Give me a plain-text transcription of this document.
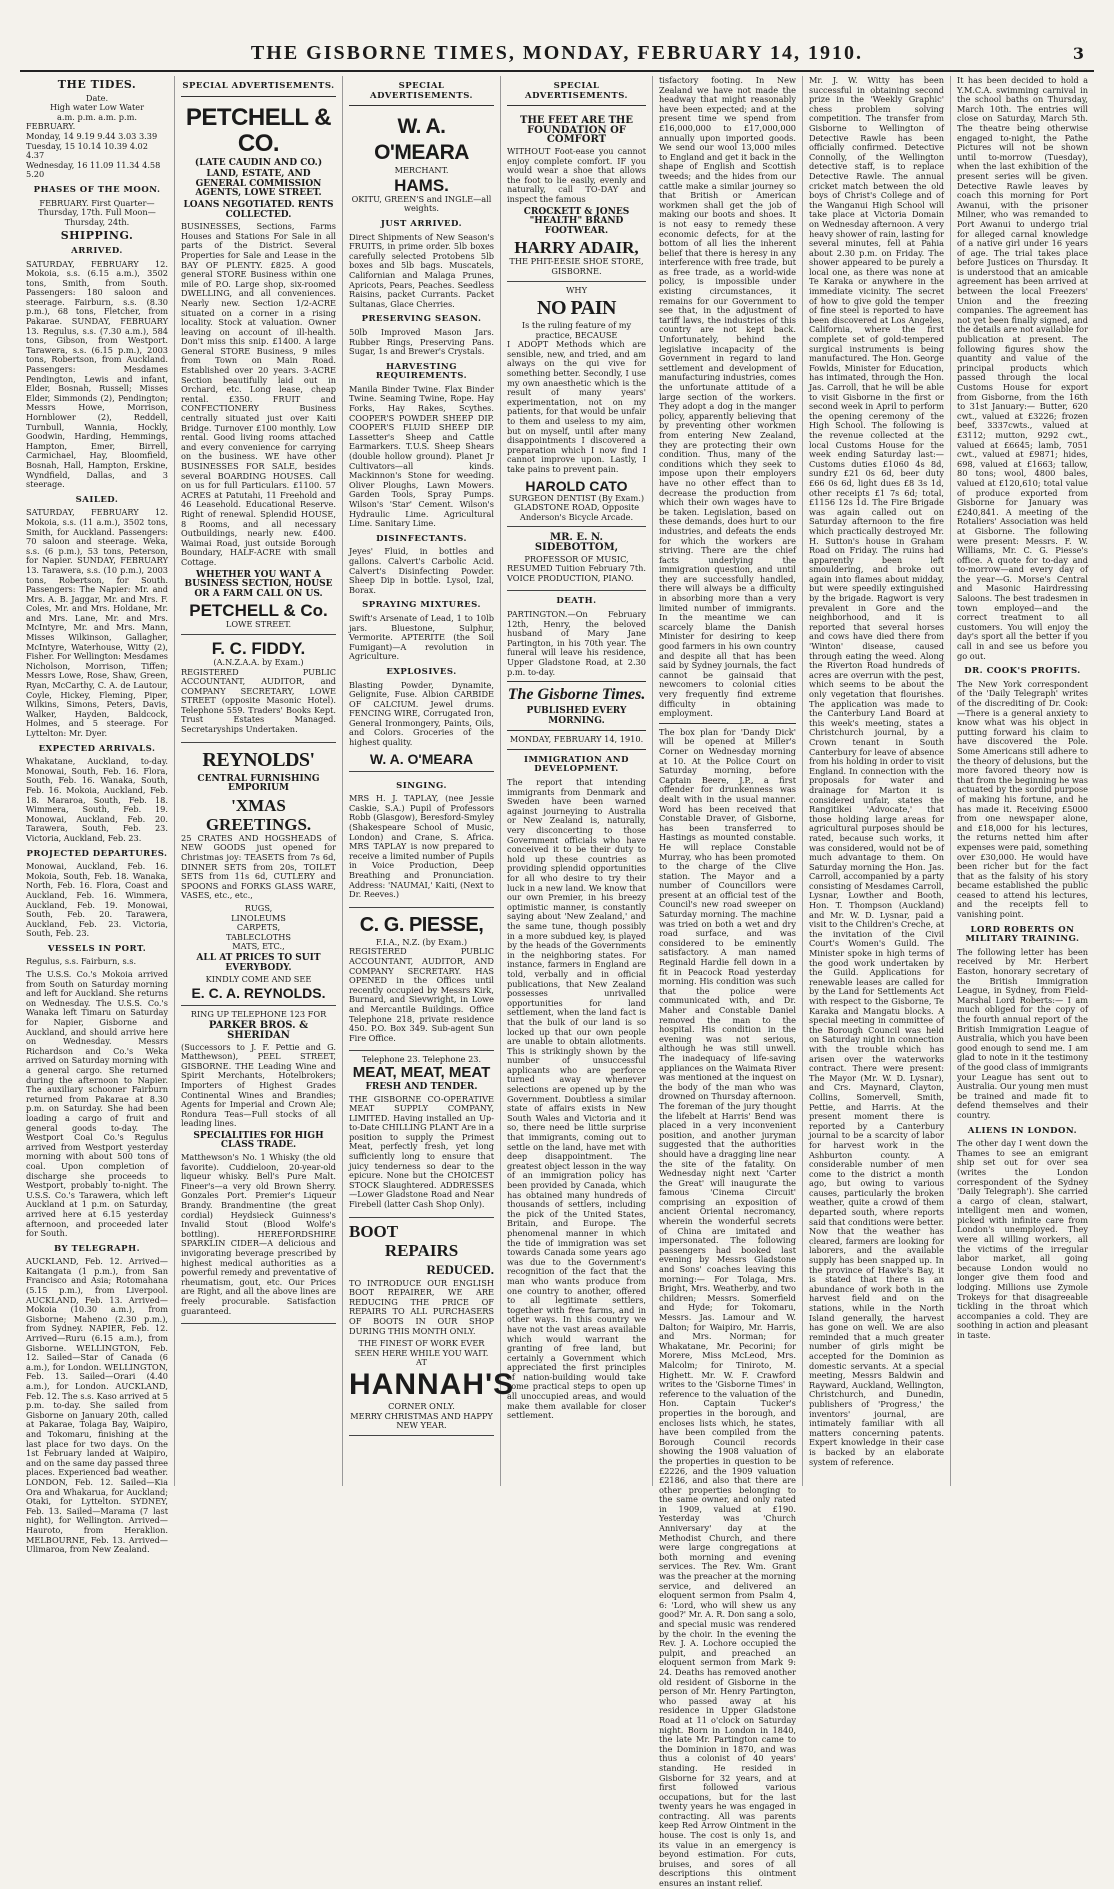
THE GISBORNE TIMES, MONDAY, FEBRUARY 14, 1910.	3
THE TIDES.
Date.
High water Low Water
a.m. p.m. a.m. p.m.
FEBRUARY.
Monday, 14 9.19 9.44 3.03 3.39
Tuesday, 15 10.14 10.39 4.02 4.37
Wednesday, 16 11.09 11.34 4.58 5.20
PHASES OF THE MOON.

FEBRUARY. First Quarter—Thursday, 17th. Full Moon—Thursday, 24th.

SHIPPING.
ARRIVED.

SATURDAY, FEBRUARY 12. Mokoia, s.s. (6.15 a.m.), 3502 tons, Smith, from South. Passengers: 180 saloon and steerage. Fairburn, s.s. (8.30 p.m.), 68 tons, Fletcher, from Pakarae. SUNDAY, FEBRUARY 13. Regulus, s.s. (7.30 a.m.), 584 tons, Gibson, from Westport. Tarawera, s.s. (6.15 p.m.), 2003 tons, Robertson, from Auckland. Passengers: Mesdames Pendington, Lewis and infant, Elder, Bosnah, Russell; Misses Elder, Simmonds (2), Pendington; Messrs Howe, Morrison, Hornblower (2), Reddell, Turnbull, Wannia, Hockly, Goodwin, Harding, Hemmings, Hampton, Emer, Birrell, Carmichael, Hay, Bloomfield, Bosnah, Hall, Hampton, Erskine, Wyndfield, Dallas, and 3 steerage.

SAILED.

SATURDAY, FEBRUARY 12. Mokoia, s.s. (11 a.m.), 3502 tons, Smith, for Auckland. Passengers: 70 saloon and steerage. Weka, s.s. (6 p.m.), 53 tons, Peterson, for Napier. SUNDAY, FEBRUARY 13. Tarawera, s.s. (10 p.m.), 2003 tons, Robertson, for South. Passengers: The Napier: Mr. and Mrs. A. B. Jaggar, Mr. and Mrs. F. Coles, Mr. and Mrs. Holdane, Mr. and Mrs. Lane, Mr. and Mrs. McIntyre, Mr. and Mrs. Mann, Misses Wilkinson, Gallagher, McIntyre, Waterhouse, Witty (2), Fisher. For Wellington: Mesdames Nicholson, Morrison, Tiffen; Messrs Lowe, Rose, Shaw, Green, Ryan, McCarthy, C. A. de Lautour, Coyle, Hickey, Fleming, Piper, Wilkins, Simons, Peters, Davis, Walker, Hayden, Baldcock, Holmes, and 5 steerage. For Lyttelton: Mr. Dyer.

EXPECTED ARRIVALS.

Whakatane, Auckland, to-day. Monowai, South, Feb. 16. Flora, South, Feb. 16. Wanaka, South, Feb. 16. Mokoia, Auckland, Feb. 18. Mararoa, South, Feb. 18. Wimmera, South, Feb. 19. Monowai, Auckland, Feb. 20. Tarawera, South, Feb. 23. Victoria, Auckland, Feb. 23.

PROJECTED DEPARTURES.

Monowai, Auckland, Feb. 16. Mokoia, South, Feb. 18. Wanaka, North, Feb. 16. Flora, Coast and Auckland, Feb. 16. Wimmera, Auckland, Feb. 19. Monowai, South, Feb. 20. Tarawera, Auckland, Feb. 23. Victoria, South, Feb. 23.

VESSELS IN PORT.

Regulus, s.s. Fairburn, s.s.

The U.S.S. Co.'s Mokoia arrived from South on Saturday morning and left for Auckland. She returns on Wednesday. The U.S.S. Co.'s Wanaka left Timaru on Saturday for Napier, Gisborne and Auckland, and should arrive here on Wednesday. Messrs Richardson and Co.'s Weka arrived on Saturday morning with a general cargo. She returned during the afternoon to Napier. The auxiliary schooner Fairburn returned from Pakarae at 8.30 p.m. on Saturday. She had been loading a cargo of fruit and general goods to-day. The Westport Coal Co.'s Regulus arrived from Westport yesterday morning with about 500 tons of coal. Upon completion of discharge she proceeds to Westport, probably to-night. The U.S.S. Co.'s Tarawera, which left Auckland at 1 p.m. on Saturday, arrived here at 6.15 yesterday afternoon, and proceeded later for South.

BY TELEGRAPH.

AUCKLAND, Feb. 12. Arrived—Kaitangata (1 p.m.), from San Francisco and Asia; Rotomahana (5.15 p.m.), from Liverpool. AUCKLAND, Feb. 13. Arrived—Mokoia (10.30 a.m.), from Gisborne; Maheno (2.30 p.m.), from Sydney. NAPIER, Feb. 12. Arrived—Ruru (6.15 a.m.), from Gisborne. WELLINGTON, Feb. 12. Sailed—Star of Canada (6 a.m.), for London. WELLINGTON, Feb. 13. Sailed—Orari (4.40 a.m.), for London. AUCKLAND, Feb. 12. The s.s. Kaso arrived at 5 p.m. to-day. She sailed from Gisborne on January 20th, called at Pakarae, Tolaga Bay, Waipiro, and Tokomaru, finishing at the last place for two days. On the 1st February landed at Waipiro, and on the same day passed three places. Experienced bad weather. LONDON, Feb. 12. Sailed—Kia Ora and Whakarua, for Auckland; Otaki, for Lyttelton. SYDNEY, Feb. 13. Sailed—Marama (7 last night), for Wellington. Arrived—Hauroto, from Heraklion. MELBOURNE, Feb. 13. Arrived—Ulimaroa, from New Zealand.

SPECIAL ADVERTISEMENTS.
PETCHELL & CO.
(LATE CAUDIN AND CO.)
LAND, ESTATE, AND GENERAL COMMISSION AGENTS, LOWE STREET.
LOANS NEGOTIATED. RENTS COLLECTED.

BUSINESSES, Sections, Farms Houses and Stations For Sale in all parts of the District. Several Properties for Sale and Lease in the BAY OF PLENTY. £825. A good general STORE Business within one mile of P.O. Large shop, six-roomed DWELLING, and all conveniences. Nearly new. Section 1/2-ACRE situated on a corner in a rising locality. Stock at valuation. Owner leaving on account of ill-health. Don't miss this snip. £1400. A large General STORE Business, 9 miles from Town on Main Road. Established over 20 years. 3-ACRE Section beautifully laid out in Orchard, etc. Long lease, cheap rental. £350. FRUIT and CONFECTIONERY Business centrally situated just over Kaiti Bridge. Turnover £100 monthly. Low rental. Good living rooms attached and every convenience for carrying on the business. WE have other BUSINESSES FOR SALE, besides several BOARDING HOUSES. Call on us for full Particulars. £1100. 57 ACRES at Patutahi, 11 Freehold and 46 Leasehold. Educational Reserve. Right of renewal. Splendid HOUSE, 8 Rooms, and all necessary Outbuildings, nearly new. £400. Waimai Road, just outside Borough Boundary, HALF-ACRE with small Cottage.

WHETHER YOU WANT A BUSINESS SECTION, HOUSE OR A FARM CALL ON US.
PETCHELL & Co.
LOWE STREET.
F. C. FIDDY.
(A.N.Z.A.A. by Exam.)

REGISTERED PUBLIC ACCOUNTANT, AUDITOR, and COMPANY SECRETARY, LOWE STREET (opposite Masonic Hotel). Telephone 559. Traders' Books Kept. Trust Estates Managed. Secretaryships Undertaken.

REYNOLDS'
CENTRAL FURNISHING EMPORIUM
'XMAS GREETINGS.

25 CRATES AND HOGSHEADS of NEW GOODS just opened for Christmas joy: TEASETS from 7s 6d, DINNER SETS from 20s, TOILET SETS from 11s 6d, CUTLERY and SPOONS and FORKS GLASS WARE, VASES, etc., etc.,

RUGS,
LINOLEUMS
CARPETS,
TABLECLOTHS
MATS, ETC.,
ALL AT PRICES TO SUIT EVERYBODY.
KINDLY COME AND SEE
E. C. A. REYNOLDS.
RING UP TELEPHONE 123 FOR
PARKER BROS. & SHERIDAN

(Successors to J. F. Pettie and G. Matthewson), PEEL STREET, GISBORNE. THE Leading Wine and Spirit Merchants, Hotelbrokers; Importers of Highest Grades Continental Wines and Brandies; Agents for Imperial and Crown Ale; Rondura Teas—Full stocks of all leading lines.

SPECIALITIES FOR HIGH CLASS TRADE.

Matthewson's No. 1 Whisky (the old favorite). Cuddieloon, 20-year-old liqueur whisky. Bell's Pure Malt. Fineer's—a very old Brown Sherry. Gonzales Port. Premier's Liqueur Brandy. Brandmentine (the great cordial) Heydsieck Guinness's Invalid Stout (Blood Wolfe's bottling). HEREFORDSHIRE SPARKLIN CIDER—A delicious and invigorating beverage prescribed by highest medical authorities as a powerful remedy and preventative of rheumatism, gout, etc. Our Prices are Right, and all the above lines are freely procurable. Satisfaction guaranteed.

SPECIAL ADVERTISEMENTS.
W. A. O'MEARA
MERCHANT.
HAMS.
OKITU, GREEN'S and INGLE—all weights.
JUST ARRIVED.

Direct Shipments of New Season's FRUITS, in prime order. 5lb boxes carefully selected Protobens 5lb boxes and 5lb bags. Muscatels, Californian and Malaga Prunes, Apricots, Pears, Peaches. Seedless Raisins, packet Currants. Packet Sultanas, Glace Cherries.

PRESERVING SEASON.

50lb Improved Mason Jars. Rubber Rings, Preserving Pans. Sugar, 1s and Brewer's Crystals.

HARVESTING REQUIREMENTS.

Manila Binder Twine. Flax Binder Twine. Seaming Twine, Rope. Hay Forks, Hay Rakes, Scythes. COOPER'S POWDER SHEEP DIP. COOPER'S FLUID SHEEP DIP. Lassetter's Sheep and Cattle Earmarkers. T.U.S. Sheep Shears (double hollow ground). Planet Jr Cultivators—all kinds. Mackinnon's Stone for weeding. Oliver Ploughs, Lawn Mowers. Garden Tools, Spray Pumps. Wilson's 'Star' Cement. Wilson's Hydraulic Lime. Agricultural Lime. Sanitary Lime.

DISINFECTANTS.

Jeyes' Fluid, in bottles and gallons. Calvert's Carbolic Acid. Calvert's Disinfecting Powder. Sheep Dip in bottle. Lysol, Izal, Borax.

SPRAYING MIXTURES.

Swift's Arsenate of Lead, 1 to 10lb jars. Bluestone, Sulphur, Vermorite. APTERITE (the Soil Fumigant)—A revolution in Agriculture.

EXPLOSIVES.

Blasting Powder, Dynamite, Gelignite, Fuse. Albion CARBIDE OF CALCIUM. Jewel drums. FENCING WIRE, Corrugated Iron, General Ironmongery, Paints, Oils, and Colors. Groceries of the highest quality.

W. A. O'MEARA
SINGING.

MRS H. J. TAPLAY, (nee Jessie Caskie, S.A.) Pupil of Professors Robb (Glasgow), Beresford-Smyley (Shakespeare School of Music, London) and Crane, S. Africa. MRS TAPLAY is now prepared to receive a limited number of Pupils in Voice Production, Deep Breathing and Pronunciation. Address: 'NAUMAI,' Kaiti, (Next to Dr. Reeves.)

C. G. PIESSE,
F.I.A., N.Z. (by Exam.)

REGISTERED PUBLIC ACCOUNTANT, AUDITOR, AND COMPANY SECRETARY. HAS OPENED in the Offices until recently occupied by Messrs Kirk, Burnard, and Sievwright, in Lowe and Mercantile Buildings. Office Telephone 218, private residence 450. P.O. Box 349. Sub-agent Sun Fire Office.

Telephone 23. Telephone 23.
MEAT, MEAT, MEAT
FRESH AND TENDER.

THE GISBORNE CO-OPERATIVE MEAT SUPPLY COMPANY, LIMITED. Having installed an Up-to-Date CHILLING PLANT Are in a position to supply the Primest Meat, perfectly fresh, yet long sufficiently long to ensure that juicy tenderness so dear to the epicure. None but the CHOICEST STOCK Slaughtered. ADDRESSES—Lower Gladstone Road and Near Firebell (latter Cash Shop Only).

BOOT
REPAIRS
REDUCED.

TO INTRODUCE OUR ENGLISH BOOT REPAIRER, WE ARE REDUCING THE PRICE OF REPAIRS TO ALL PURCHASERS OF BOOTS IN OUR SHOP DURING THIS MONTH ONLY.

THE FINEST OF WORK EVER SEEN HERE WHILE YOU WAIT. AT
HANNAH'S
CORNER ONLY.
MERRY CHRISTMAS AND HAPPY NEW YEAR.
SPECIAL ADVERTISEMENTS.
THE FEET ARE THE FOUNDATION OF COMFORT

WITHOUT Foot-ease you cannot enjoy complete comfort. IF you would wear a shoe that allows the foot to lie easily, evenly and naturally, call TO-DAY and inspect the famous

CROCKETT & JONES "HEALTH" BRAND FOOTWEAR.
HARRY ADAIR,
THE PHIT-EESIE SHOE STORE, GISBORNE.
WHY
NO PAIN
Is the ruling feature of my practice, BECAUSE

I ADOPT Methods which are sensible, new, and tried, and am always on the qui vive for something better. Secondly, I use my own anaesthetic which is the result of many years' experimentation, not on my patients, for that would be unfair to them and useless to my aim, but on myself, until after many disappointments I discovered a preparation which I now find I cannot improve upon. Lastly, I take pains to prevent pain.

HAROLD CATO
SURGEON DENTIST (By Exam.) GLADSTONE ROAD, Opposite Anderson's Bicycle Arcade.
MR. E. N. SIDEBOTTOM,
PROFESSOR OF MUSIC,

RESUMED Tuition February 7th. VOICE PRODUCTION, PIANO.

DEATH.

PARTINGTON.—On February 12th, Henry, the beloved husband of Mary Jane Partington, in his 70th year. The funeral will leave his residence, Upper Gladstone Road, at 2.30 p.m. to-day.

The Gisborne Times.
PUBLISHED EVERY MORNING.
MONDAY, FEBRUARY 14, 1910.
IMMIGRATION AND DEVELOPMENT.

The report that intending immigrants from Denmark and Sweden have been warned against journeying to Australia or New Zealand is, naturally, very disconcerting to those Government officials who have conceived it to be their duty to hold up these countries as providing splendid opportunities for all who desire to try their luck in a new land. We know that our own Premier, in his breezy optimistic manner, is constantly saying about 'New Zealand,' and the same tune, though possibly in a more subdued key, is played by the heads of the Governments in the neighboring states. For instance, farmers in England are told, verbally and in official publications, that New Zealand possesses unrivalled opportunities for land settlement, when the land fact is that the bulk of our land is so locked up that our own people are unable to obtain allotments. This is strikingly shown by the number of unsuccessful applicants who are perforce turned away whenever selections are opened up by the Government. Doubtless a similar state of affairs exists in New South Wales and Victoria and it so, there need be little surprise that immigrants, coming out to settle on the land, have met with deep disappointment. The greatest object lesson in the way of an immigration policy has been provided by Canada, which has obtained many hundreds of thousands of settlers, including the pick of the United States, Britain, and Europe. The phenomenal manner in which the tide of immigration was set towards Canada some years ago was due to the Government's recognition of the fact that the man who wants produce from one country to another, offered to all legitimate settlers, together with free farms, and in other ways. In this country we have not the vast areas available which would warrant the granting of free land, but certainly a Government which appreciated the first principles of nation-building would take some practical steps to open up all unoccupied areas, and would make them available for closer settlement.

tisfactory footing. In New Zealand we have not made the headway that might reasonably have been expected; and at the present time we spend from £16,000,000 to £17,000,000 annually upon imported goods. We send our wool 13,000 miles to England and get it back in the shape of English and Scottish tweeds; and the hides from our cattle make a similar journey so that British or American workmen shall get the job of making our boots and shoes. It is not easy to remedy these economic defects, for at the bottom of all lies the inherent belief that there is heresy in any interference with free trade, but as free trade, as a world-wide policy, is impossible under existing circumstances, it remains for our Government to see that, in the adjustment of tariff laws, the industries of this country are not kept back. Unfortunately, behind the legislative incapacity of the Government in regard to land settlement and development of manufacturing industries, comes the unfortunate attitude of a large section of the workers. They adopt a dog in the manger policy, apparently believing that by preventing other workmen from entering New Zealand, they are protecting their own condition. Thus, many of the conditions which they seek to impose upon their employers have no other effect than to decrease the production from which their own wages have to be taken. Legislation, based on these demands, does hurt to our industries, and defeats the ends for which the workers are striving. There are the chief facts underlying the immigration question, and until they are successfully handled, there will always be a difficulty in absorbing more than a very limited number of immigrants. In the meantime we can scarcely blame the Danish Minister for desiring to keep good farmers in his own country and despite all that has been said by Sydney journals, the fact cannot be gainsaid that newcomers to colonial cities very frequently find extreme difficulty in obtaining employment.

The box plan for 'Dandy Dick' will be opened at Miller's Corner on Wednesday morning at 10. At the Police Court on Saturday morning, before Captain Beere, J.P., a first offender for drunkenness was dealt with in the usual manner. Word has been received that Constable Draver, of Gisborne, has been transferred to Hastings as mounted constable. He will replace Constable Murray, who has been promoted to the charge of the Clive station. The Mayor and a number of Councillors were present at an official test of the Council's new road sweeper on Saturday morning. The machine was tried on both a wet and dry road surface, and was considered to be eminently satisfactory. A man named Reginald Hardie fell down in a fit in Peacock Road yesterday morning. His condition was such that the police were communicated with, and Dr. Maher and Constable Daniel removed the man to the hospital. His condition in the evening was not serious, although he was still unwell. The inadequacy of life-saving appliances on the Waimata River was mentioned at the inquest on the body of the man who was drowned on Thursday afternoon. The foreman of the jury thought the lifebelt at Harris' Bend was placed in a very inconvenient position, and another juryman suggested that the authorities should have a dragging line near the site of the fatality. On Wednesday night next 'Carter the Great' will inaugurate the famous 'Cinema Circuit' comprising an exposition of ancient Oriental necromancy, wherein the wonderful secrets of China are imitated and impersonated. The following passengers had booked last evening by Messrs Gladstone and Sons' coaches leaving this morning:— For Tolaga, Mrs. Bright, Mrs. Weatherby, and two children; Messrs. Somerfield and Hyde; for Tokomaru, Messrs. Jas. Lamour and W. Dalton; for Waipiro, Mr. Harris, and Mrs. Norman; for Whakatane, Mr. Pecorini; for Morere, Miss McLeod, Mrs. Malcolm; for Tiniroto, M. Highett. Mr. W. F. Crawford writes to the 'Gisborne Times' in reference to the valuation of the Hon. Captain Tucker's properties in the borough, and encloses lists which, he states, have been compiled from the Borough Council records showing the 1908 valuation of the properties in question to be £2226, and the 1909 valuation £2186, and also that there are other properties belonging to the same owner, and only rated in 1909, valued at £190. Yesterday was 'Church Anniversary' day at the Methodist Church, and there were large congregations at both morning and evening services. The Rev. Wm. Grant was the preacher at the morning service, and delivered an eloquent sermon from Psalm 4, 6: 'Lord, who will shew us any good?' Mr. A. R. Don sang a solo, and special music was rendered by the choir. In the evening the Rev. J. A. Lochore occupied the pulpit, and preached an eloquent sermon from Mark 9: 24. Deaths has removed another old resident of Gisborne in the person of Mr. Henry Partington, who passed away at his residence in Upper Gladstone Road at 11 o'clock on Saturday night. Born in London in 1840, the late Mr. Partington came to the Dominion in 1870, and was thus a colonist of 40 years' standing. He resided in Gisborne for 32 years, and at first followed various occupations, but for the last twenty years he was engaged in contracting. All was parents keep Red Arrow Ointment in the house. The cost is only 1s, and its value in an emergency is beyond estimation. For cuts, bruises, and sores of all descriptions this ointment ensures an instant relief.

Mr. J. W. Witty has been successful in obtaining second prize in the 'Weekly Graphic' chess problem solving competition. The transfer from Gisborne to Wellington of Detective Rawle has been officially confirmed. Detective Connolly, of the Wellington detective staff, is to replace Detective Rawle. The annual cricket match between the old boys of Christ's College and of the Wanganui High School will take place at Victoria Domain on Wednesday afternoon. A very heavy shower of rain, lasting for several minutes, fell at Pahia about 2.30 p.m. on Friday. The shower appeared to be purely a local one, as there was none at Te Karaka or anywhere in the immediate vicinity. The secret of how to give gold the temper of fine steel is reported to have been discovered at Los Angeles, California, where the first complete set of gold-tempered surgical instruments is being manufactured. The Hon. George Fowlds, Minister for Education, has intimated, through the Hon. Jas. Carroll, that he will be able to visit Gisborne in the first or second week in April to perform the opening ceremony of the High School. The following is the revenue collected at the local Customs House for the week ending Saturday last:— Customs duties £1060 4s 8d, sundry £21 0s 6d, beer duty £66 0s 6d, light dues £8 3s 1d, other receipts £1 7s 6d; total, £1156 12s 1d. The Fire Brigade was again called out on Saturday afternoon to the fire which practically destroyed Mr. H. Sutton's house in Graham Road on Friday. The ruins had apparently been left smouldering, and broke out again into flames about midday, but were speedily extinguished by the brigade. Ragwort is very prevalent in Gore and the neighborhood, and it is reported that several horses and cows have died there from 'Winton' disease, caused through eating the weed. Along the Riverton Road hundreds of acres are overrun with the pest, which seems to be about the only vegetation that flourishes. The application was made to the Canterbury Land Board at this week's meeting, states a Christchurch journal, by a Crown tenant in South Canterbury for leave of absence from his holding in order to visit England. In connection with the proposals for water and drainage for Marton it is considered unfair, states the Rangitikei 'Advocate,' that those holding large areas for agricultural purposes should be rated, because such works, it was considered, would not be of much advantage to them. On Saturday morning the Hon. Jas. Carroll, accompanied by a party consisting of Mesdames Carroll, Lysnar, Lowther and Booth, Hon. T. Thompson (Auckland) and Mr. W. D. Lysnar, paid a visit to the Children's Creche, at the invitation of the Civil Court's Women's Guild. The Minister spoke in high terms of the good work undertaken by the Guild. Applications for renewable leases are called for by the Land for Settlements Act with respect to the Gisborne, Te Karaka and Mangatu blocks. A special meeting in committee of the Borough Council was held on Saturday night in connection with the trouble which has arisen over the waterworks contract. There were present: The Mayor (Mr. W. D. Lysnar), and Crs. Maynard, Clayton, Collins, Somervell, Smith, Pettie, and Harris. At the present moment there is reported by a Canterbury journal to be a scarcity of labor for harvest work in the Ashburton county. A considerable number of men come to the district a month ago, but owing to various causes, particularly the broken weather, quite a crowd of them departed south, where reports said that conditions were better. Now that the weather has cleared, farmers are looking for laborers, and the available supply has been snapped up. In the province of Hawke's Bay, it is stated that there is an abundance of work both in the harvest field and on the stations, while in the North Island generally, the harvest has gone on well. We are also reminded that a much greater number of girls might be accepted for the Dominion as domestic servants. At a special meeting, Messrs Baldwin and Rayward, Auckland, Wellington, Christchurch, and Dunedin, publishers of 'Progress,' the inventors' journal, are intimately familiar with all matters concerning patents. Expert knowledge in their case is backed by an elaborate system of reference.

It has been decided to hold a Y.M.C.A. swimming carnival in the school baths on Thursday, March 10th. The entries will close on Saturday, March 5th. The theatre being otherwise engaged to-night, the Pathe Pictures will not be shown until to-morrow (Tuesday), when the last exhibition of the present series will be given. Detective Rawle leaves by coach this morning for Port Awanui, with the prisoner Milner, who was remanded to Port Awanui to undergo trial for alleged carnal knowledge of a native girl under 16 years of age. The trial takes place before Justices on Thursday. It is understood that an amicable agreement has been arrived at between the local Freezers' Union and the freezing companies. The agreement has not yet been finally signed, and the details are not available for publication at present. The following figures show the quantity and value of the principal products which passed through the local Customs House for export from Gisborne, from the 16th to 31st January:— Butter, 620 cwt., valued at £3226; frozen beef, 3337cwts., valued at £3112; mutton, 9292 cwt., valued at £6645; lamb, 7051 cwt., valued at £9871; hides, 698, valued at £1663; tallow, 80 tons; wool, 4800 bales, valued at £120,610; total value of produce exported from Gisborne for January was £240,841. A meeting of the Rotaliers' Association was held at Gisborne. The following were present: Messrs. F. W. Williams, Mr. C. G. Piesse's office. A quote for to-day and to-morrow—and every day of the year—G. Morse's Central and Masonic Hairdressing Saloons. The best tradesmen in town employed—and the correct treatment to all customers. You will enjoy the day's sport all the better if you call in and see us before you go out.

DR. COOK'S PROFITS.

The New York correspondent of the 'Daily Telegraph' writes of the discrediting of Dr. Cook:—There is a general anxiety to know what was his object in putting forward his claim to have discovered the Pole. Some Americans still adhere to the theory of delusions, but the more favored theory now is that from the beginning he was actuated by the sordid purpose of making his fortune, and he has made it. Receiving £5000 from one newspaper alone, and £18,000 for his lectures, the returns netted him after expenses were paid, something over £30,000. He would have been richer but for the fact that as the falsity of his story became established the public ceased to attend his lectures, and the receipts fell to vanishing point.

LORD ROBERTS ON MILITARY TRAINING.

The following letter has been received by Mr. Herbert Easton, honorary secretary of the British Immigration League, in Sydney, from Field-Marshal Lord Roberts:— I am much obliged for the copy of the fourth annual report of the British Immigration League of Australia, which you have been good enough to send me. I am glad to note in it the testimony of the good class of immigrants your League has sent out to Australia. Our young men must be trained and made fit to defend themselves and their country.

ALIENS IN LONDON.

The other day I went down the Thames to see an emigrant ship set out for over sea (writes the London correspondent of the Sydney 'Daily Telegraph'). She carried a cargo of clean, stalwart, intelligent men and women, picked with infinite care from London's unemployed. They were all willing workers, all the victims of the irregular labor market, all going because London would no longer give them food and lodging. Millions use Zymole Trokeys for that disagreeable tickling in the throat which accompanies a cold. They are soothing in action and pleasant in taste.
